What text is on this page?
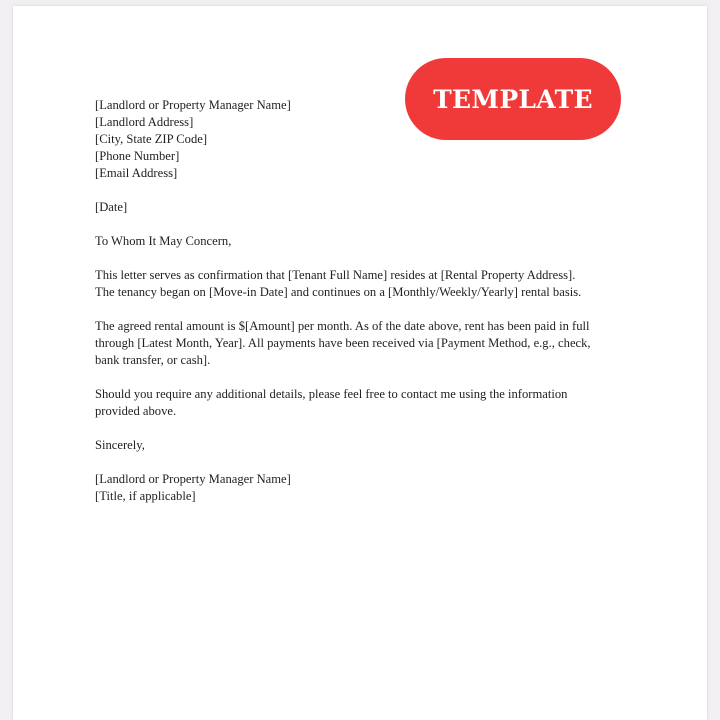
TEMPLATE
[Landlord or Property Manager Name]
[Landlord Address]
[City, State ZIP Code]
[Phone Number]
[Email Address]
[Date]
To Whom It May Concern,
This letter serves as confirmation that [Tenant Full Name] resides at [Rental Property Address].
The tenancy began on [Move-in Date] and continues on a [Monthly/Weekly/Yearly] rental basis.
The agreed rental amount is $[Amount] per month. As of the date above, rent has been paid in full
through [Latest Month, Year]. All payments have been received via [Payment Method, e.g., check,
bank transfer, or cash].
Should you require any additional details, please feel free to contact me using the information
provided above.
Sincerely,
[Landlord or Property Manager Name]
[Title, if applicable]
